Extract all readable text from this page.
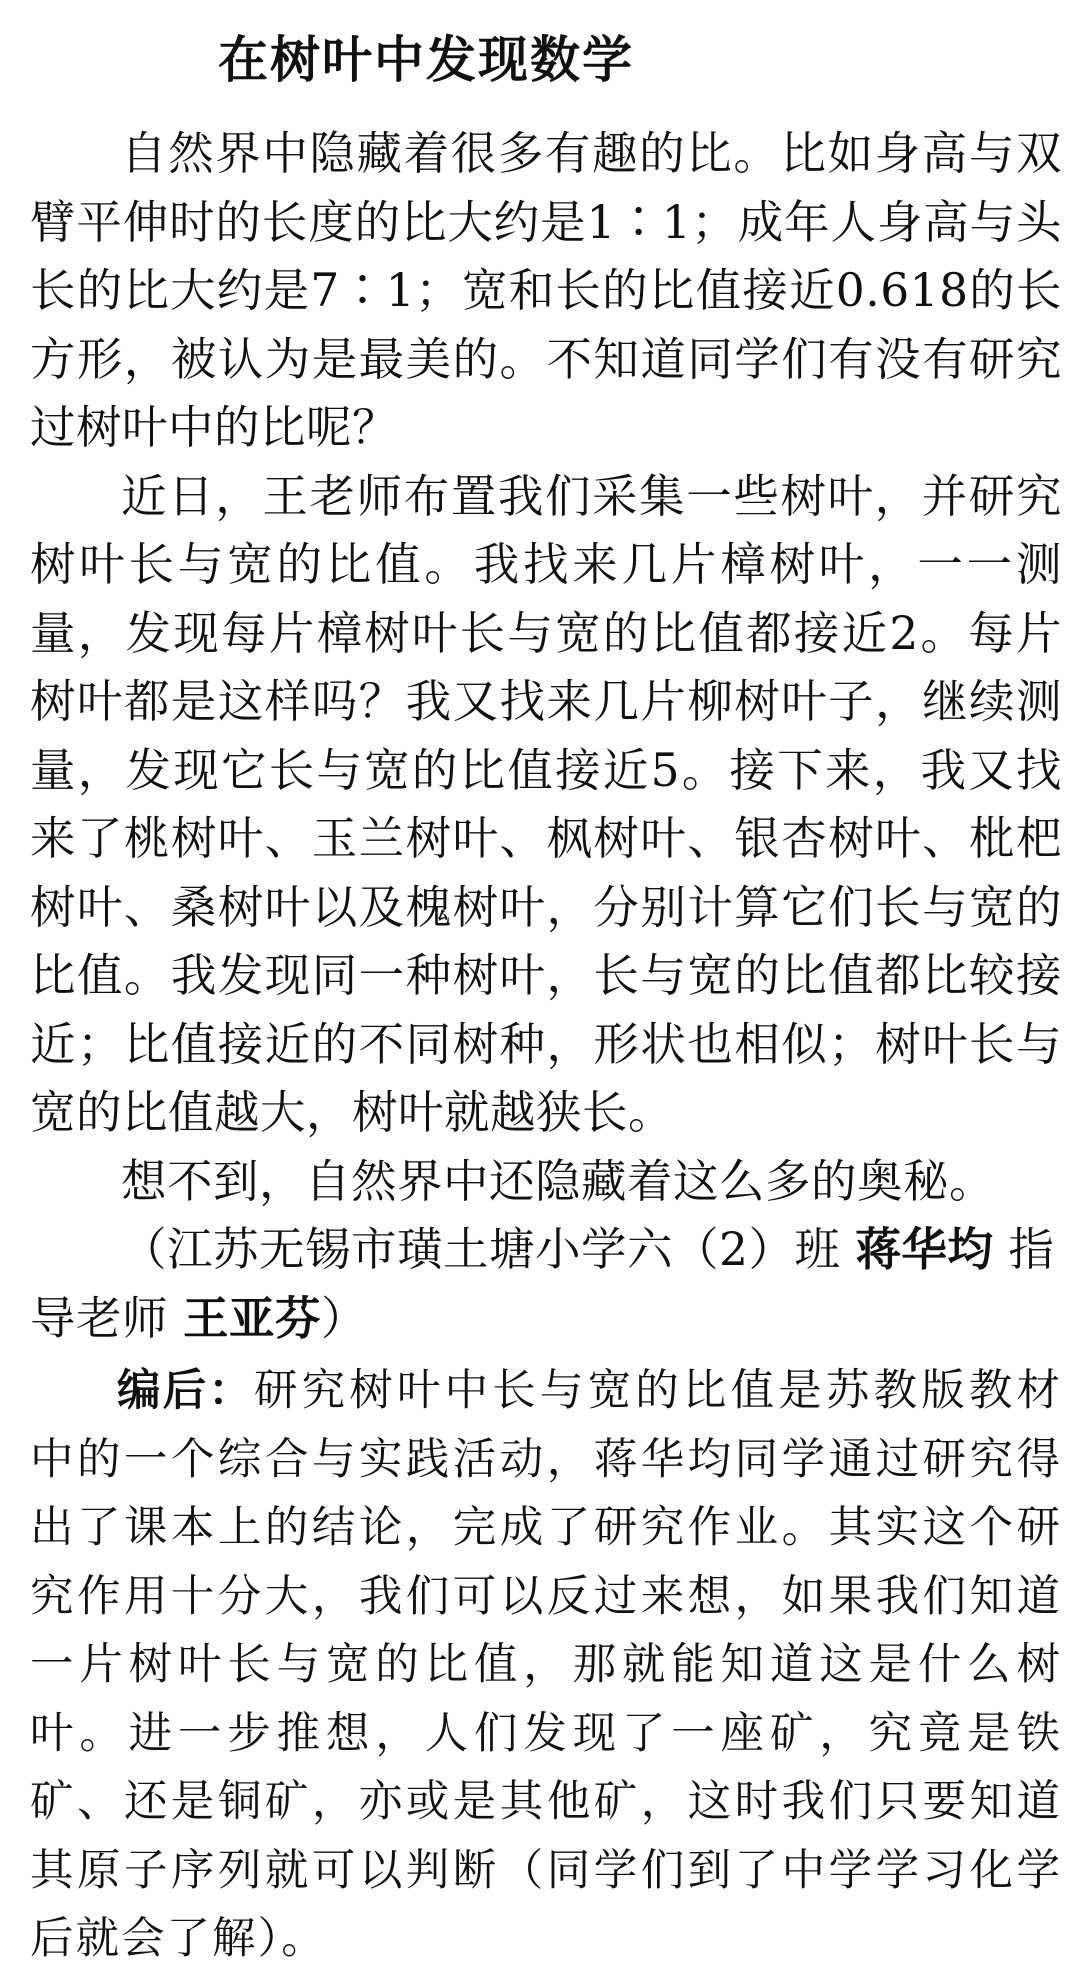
在树叶中发现数学

自然界中隐藏着很多有趣的比。比如身高与双臂平伸时的长度的比大约是1∶1；成年人身高与头长的比大约是7∶1；宽和长的比值接近0.618的长方形，被认为是最美的。不知道同学们有没有研究过树叶中的比呢？

近日，王老师布置我们采集一些树叶，并研究树叶长与宽的比值。我找来几片樟树叶，一一测量，发现每片樟树叶长与宽的比值都接近2。每片树叶都是这样吗？我又找来几片柳树叶子，继续测量，发现它长与宽的比值接近5。接下来，我又找来了桃树叶、玉兰树叶、枫树叶、银杏树叶、枇杷树叶、桑树叶以及槐树叶，分别计算它们长与宽的比值。我发现同一种树叶，长与宽的比值都比较接近；比值接近的不同树种，形状也相似；树叶长与宽的比值越大，树叶就越狭长。

想不到，自然界中还隐藏着这么多的奥秘。

（江苏无锡市璜土塘小学六（2）班 蒋华均 指导老师 王亚芬）

编后：研究树叶中长与宽的比值是苏教版教材中的一个综合与实践活动，蒋华均同学通过研究得出了课本上的结论，完成了研究作业。其实这个研究作用十分大，我们可以反过来想，如果我们知道一片树叶长与宽的比值，那就能知道这是什么树叶。进一步推想，人们发现了一座矿，究竟是铁矿、还是铜矿，亦或是其他矿，这时我们只要知道其原子序列就可以判断（同学们到了中学学习化学后就会了解）。
